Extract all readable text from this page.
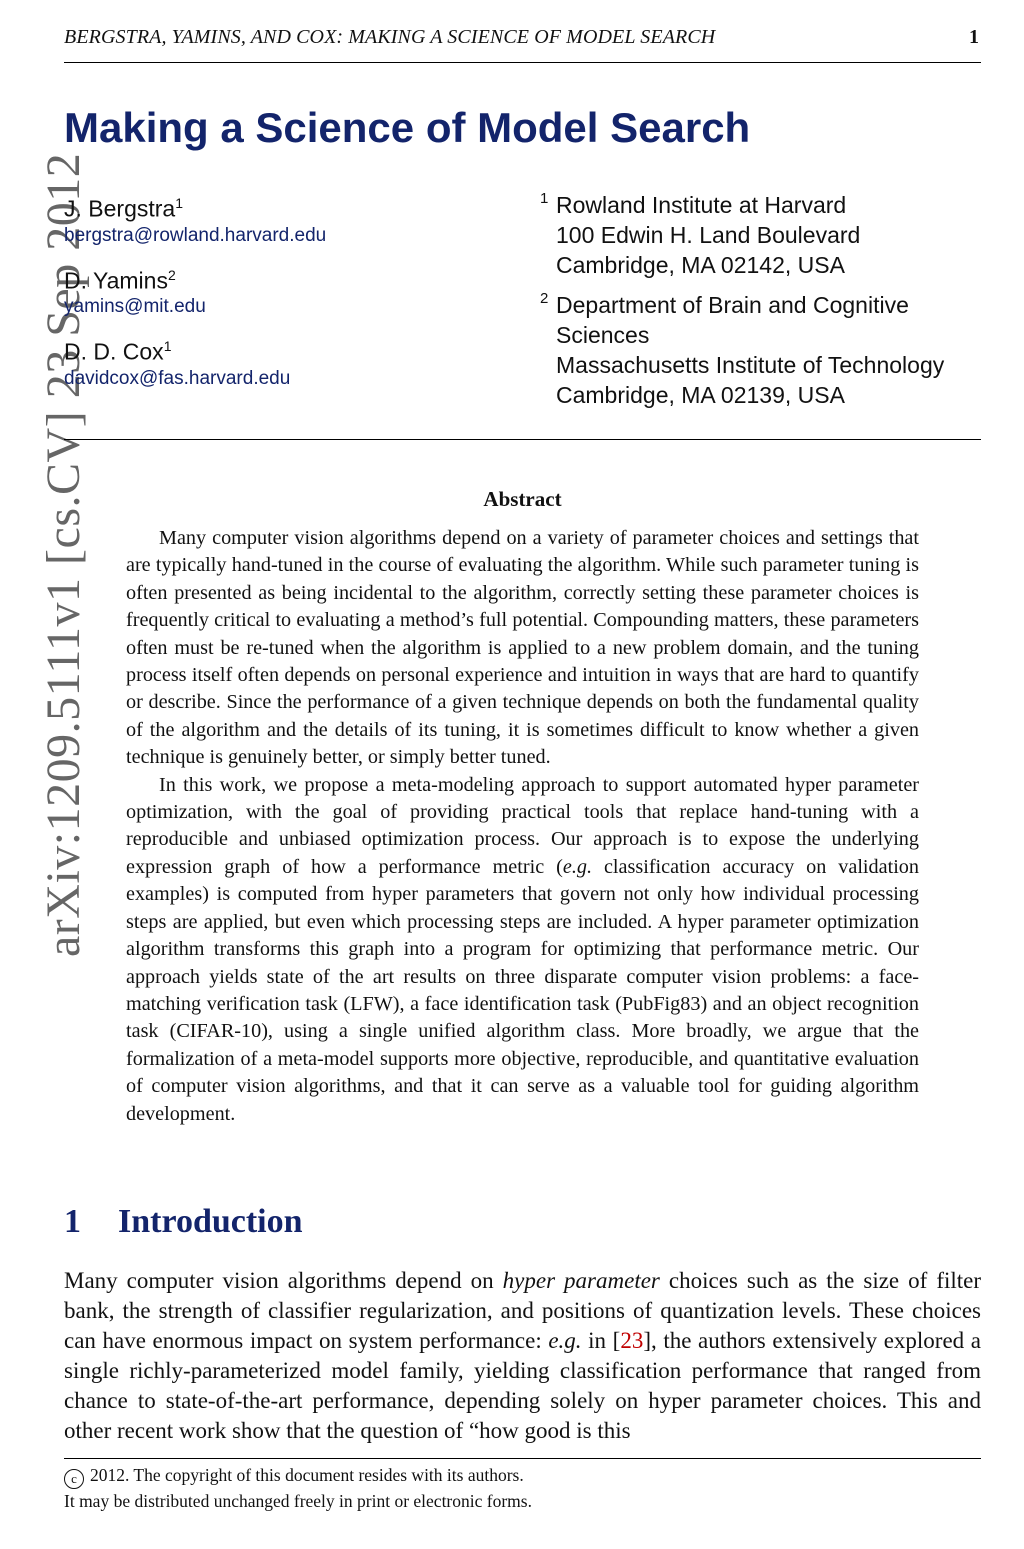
BERGSTRA, YAMINS, AND COX: MAKING A SCIENCE OF MODEL SEARCH	1
arXiv:1209.5111v1 [cs.CV] 23 Sep 2012
Making a Science of Model Search
J. Bergstra$^1$
bergstra@rowland.harvard.edu
D. Yamins$^2$
yamins@mit.edu
D. D. Cox$^1$
davidcox@fas.harvard.edu
1 Rowland Institute at Harvard
100 Edwin H. Land Boulevard
Cambridge, MA 02142, USA
2 Department of Brain and Cognitive
Sciences
Massachusetts Institute of Technology
Cambridge, MA 02139, USA
Abstract

Many computer vision algorithms depend on a variety of parameter choices and settings that are typically hand-tuned in the course of evaluating the algorithm. While such parameter tuning is often presented as being incidental to the algorithm, correctly setting these parameter choices is frequently critical to evaluating a method’s full potential. Compounding matters, these parameters often must be re-tuned when the algorithm is applied to a new problem domain, and the tuning process itself often depends on personal experience and intuition in ways that are hard to quantify or describe. Since the performance of a given technique depends on both the fundamental quality of the algorithm and the details of its tuning, it is sometimes difficult to know whether a given technique is genuinely better, or simply better tuned.

In this work, we propose a meta-modeling approach to support automated hyper parameter optimization, with the goal of providing practical tools that replace hand-tuning with a reproducible and unbiased optimization process. Our approach is to expose the underlying expression graph of how a performance metric (e.g. classification accuracy on validation examples) is computed from hyper parameters that govern not only how individual processing steps are applied, but even which processing steps are included. A hyper parameter optimization algorithm transforms this graph into a program for optimizing that performance metric. Our approach yields state of the art results on three disparate computer vision problems: a face-matching verification task (LFW), a face identification task (PubFig83) and an object recognition task (CIFAR-10), using a single unified algorithm class. More broadly, we argue that the formalization of a meta-model supports more objective, reproducible, and quantitative evaluation of computer vision algorithms, and that it can serve as a valuable tool for guiding algorithm development.

1 Introduction

Many computer vision algorithms depend on hyper parameter choices such as the size of filter bank, the strength of classifier regularization, and positions of quantization levels. These choices can have enormous impact on system performance: e.g. in [23], the authors extensively explored a single richly-parameterized model family, yielding classification performance that ranged from chance to state-of-the-art performance, depending solely on hyper parameter choices. This and other recent work show that the question of “how good is this

c 2012. The copyright of this document resides with its authors.
It may be distributed unchanged freely in print or electronic forms.
